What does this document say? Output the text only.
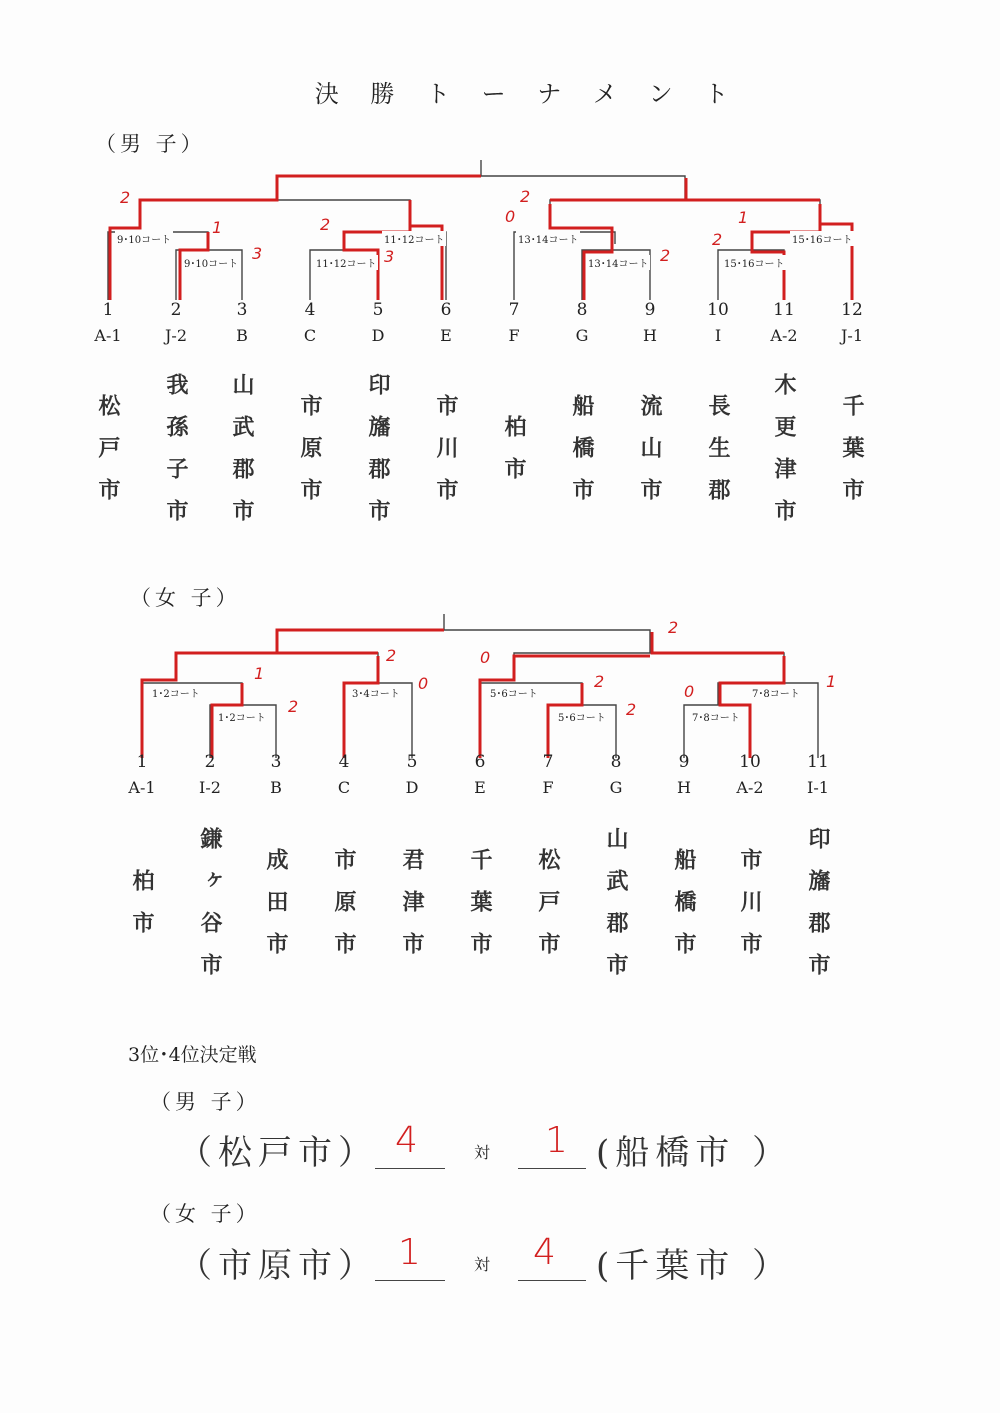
決 勝 ト ー ナ メ ン ト
（男 子）
9･10コート
9･10コート
11･12コート
11･12コート
13･14コート
13･14コート
15･16コート
15･16コート
2
1
3
2
3
0
2
2
1
2
1
A-1
松戸市
2
J-2
我孫子市
3
B
山武郡市
4
C
市原市
5
D
印旛郡市
6
E
市川市
7
F
柏市
8
G
船橋市
9
H
流山市
10
I
長生郡
11
A-2
木更津市
12
J-1
千葉市
（女 子）
1･2コート
1･2コート
3･4コート	5･6コート
5･6コート
7･8コート
7･8コート
2
1
2
2
0
0
2
2
0
1
1
A-1
柏市
2
I-2
鎌ヶ谷市
3
B
成田市
4
C
市原市
5
D
君津市
6
E
千葉市
7
F
松戸市
8
G
山武郡市
9
H
船橋市
10
A-2
市川市
11
I-1
印旛郡市
3位･4位決定戦
（男 子）
（松戸市） 4	対 1 (船橋市 ）
（女 子）
（市原市） 1	対 4 (千葉市 ）
